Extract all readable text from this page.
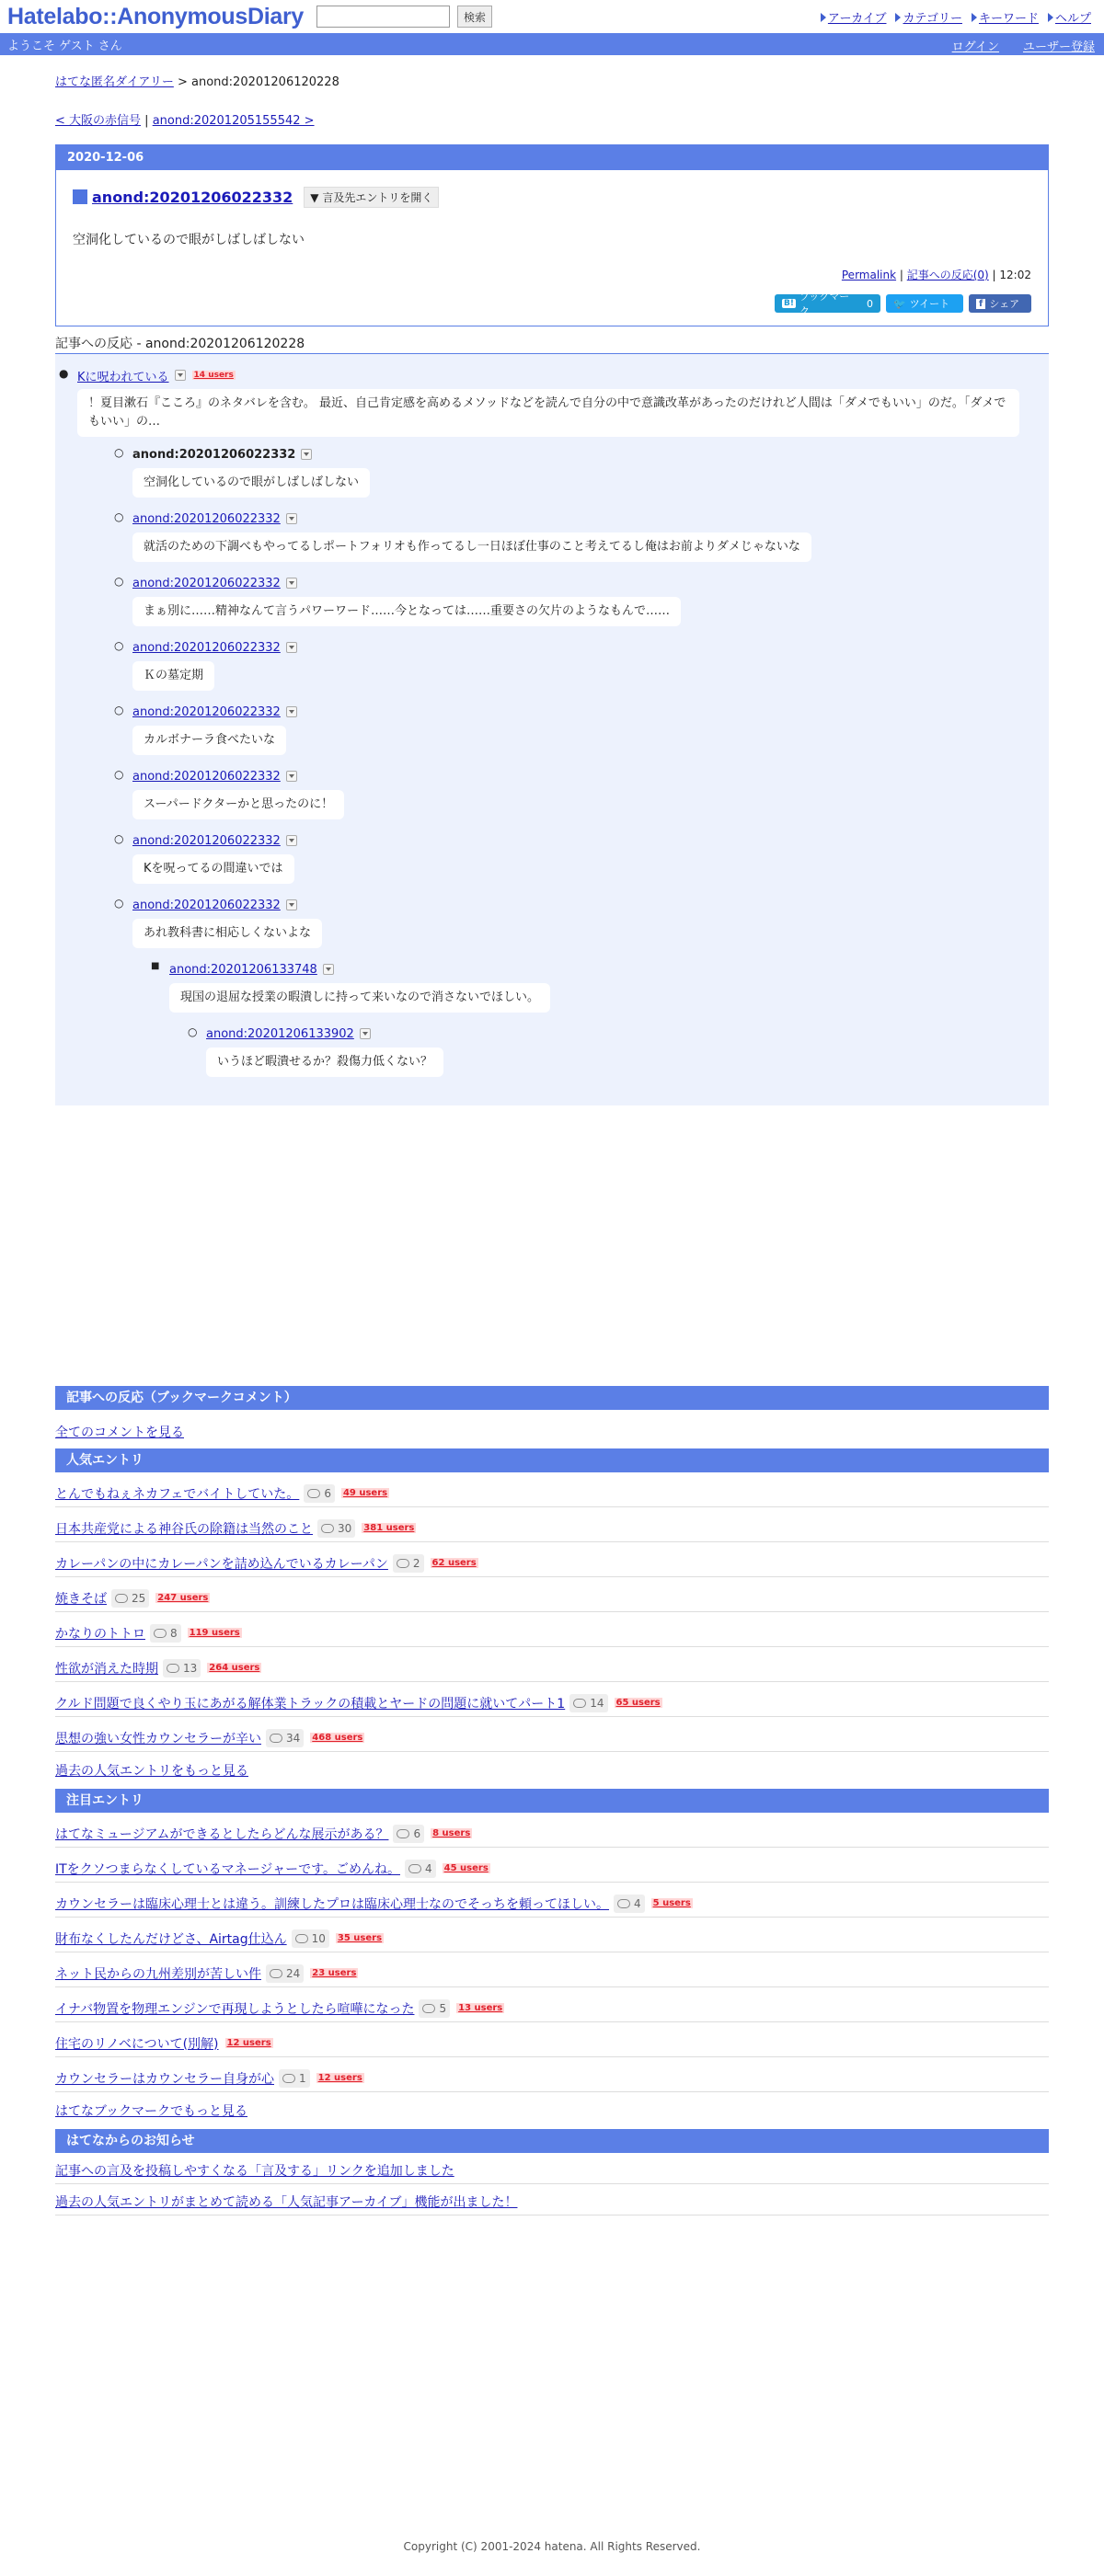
Hatelabo::AnonymousDiary	検索	アーカイブ カテゴリー キーワード ヘルプ
ようこそ ゲスト さん	ログイン ユーザー登録
はてな匿名ダイアリー > anond:20201206120228
< 大阪の赤信号 | anond:20201205155542 >
2020-12-06
anond:20201206022332	▼ 言及先エントリを開く
空洞化しているので眼がしばしばしない
Permalink | 記事への反応(0) | 12:02
B!
ブックマーク
0 🐦 ツイート	f シェア
記事への反応 - anond:20201206120228
● Kに呪われている	14 users
！夏目漱石『こころ』のネタバレを含む。 最近、自己肯定感を高めるメソッドなどを読んで自分の中で意識改革があったのだけれど人間は「ダメでもいい」のだ。「ダメでもいい」の…
○ anond:20201206022332
空洞化しているので眼がしばしばしない
○ anond:20201206022332
就活のための下調べもやってるしポートフォリオも作ってるし一日ほぼ仕事のこと考えてるし俺はお前よりダメじゃないな
○ anond:20201206022332
まぁ別に……精神なんて言うパワーワード……今となっては……重要さの欠片のようなもんで……
○ anond:20201206022332
Ｋの墓定期
○ anond:20201206022332
カルボナーラ食べたいな
○ anond:20201206022332
スーパードクターかと思ったのに！
○ anond:20201206022332
Kを呪ってるの間違いでは
○ anond:20201206022332
あれ教科書に相応しくないよな
■ anond:20201206133748
現国の退屈な授業の暇潰しに持って来いなので消さないでほしい。
○ anond:20201206133902
いうほど暇潰せるか？殺傷力低くない？
記事への反応（ブックマークコメント）
全てのコメントを見る
人気エントリ
とんでもねぇネカフェでバイトしていた。 6 49 users
日本共産党による神谷氏の除籍は当然のこと 30 381 users
カレーパンの中にカレーパンを詰め込んでいるカレーパン 2 62 users
焼きそば 25 247 users
かなりのトトロ 8 119 users
性欲が消えた時期 13 264 users
クルド問題で良くやり玉にあがる解体業トラックの積載とヤードの問題に就いてパート1 14 65 users
思想の強い女性カウンセラーが辛い 34 468 users
過去の人気エントリをもっと見る
注目エントリ
はてなミュージアムができるとしたらどんな展示がある？ 6 8 users
ITをクソつまらなくしているマネージャーです。ごめんね。 4 45 users
カウンセラーは臨床心理士とは違う。訓練したプロは臨床心理士なのでそっちを頼ってほしい。 4 5 users
財布なくしたんだけどさ、Airtag仕込ん 10 35 users
ネット民からの九州差別が苦しい件 24 23 users
イナバ物置を物理エンジンで再現しようとしたら喧嘩になった 5 13 users
住宅のリノベについて(別解) 12 users
カウンセラーはカウンセラー自身が心 1 12 users
はてなブックマークでもっと見る
はてなからのお知らせ
記事への言及を投稿しやすくなる「言及する」リンクを追加しました
過去の人気エントリがまとめて読める「人気記事アーカイブ」機能が出ました！
Copyright (C) 2001-2024 hatena. All Rights Reserved.
